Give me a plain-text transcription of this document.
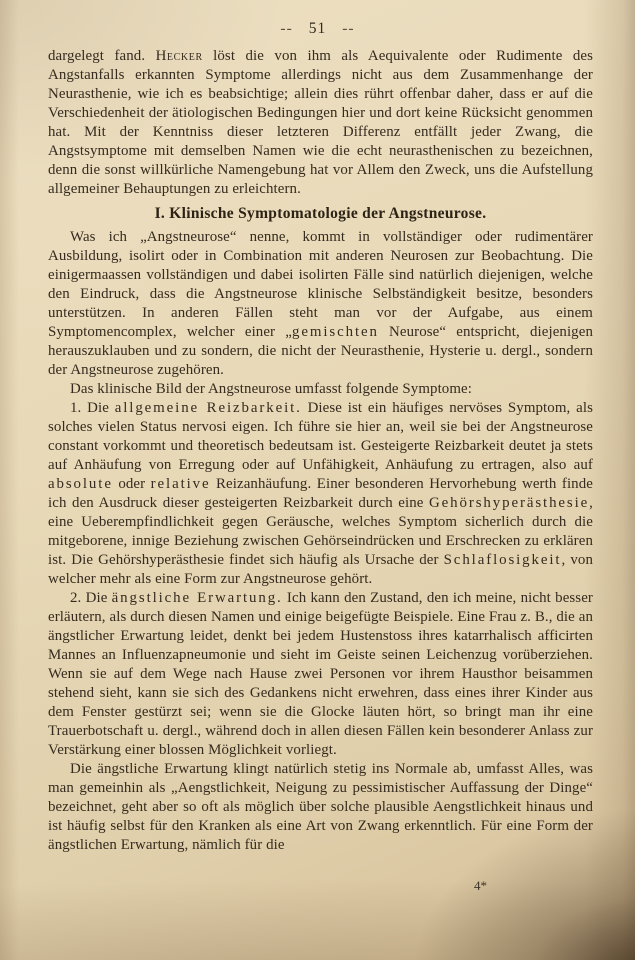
-- 51 --

dargelegt fand. Hecker löst die von ihm als Aequivalente oder Rudimente des Angstanfalls erkannten Symptome allerdings nicht aus dem Zusammenhange der Neurasthenie, wie ich es beabsichtige; allein dies rührt offenbar daher, dass er auf die Verschiedenheit der ätiologischen Bedingungen hier und dort keine Rücksicht genommen hat. Mit der Kenntniss dieser letzteren Differenz entfällt jeder Zwang, die Angstsymptome mit demselben Namen wie die echt neurasthenischen zu bezeichnen, denn die sonst willkürliche Namengebung hat vor Allem den Zweck, uns die Aufstellung allgemeiner Behauptungen zu erleichtern.

I. Klinische Symptomatologie der Angstneurose.

Was ich „Angstneurose“ nenne, kommt in vollständiger oder rudimentärer Ausbildung, isolirt oder in Combination mit anderen Neurosen zur Beobachtung. Die einigermaassen vollständigen und dabei isolirten Fälle sind natürlich diejenigen, welche den Eindruck, dass die Angstneurose klinische Selbständigkeit besitze, besonders unterstützen. In anderen Fällen steht man vor der Aufgabe, aus einem Symptomencomplex, welcher einer „gemischten Neurose“ entspricht, diejenigen herauszuklauben und zu sondern, die nicht der Neurasthenie, Hysterie u. dergl., sondern der Angstneurose zugehören.

Das klinische Bild der Angstneurose umfasst folgende Symptome:

1. Die allgemeine Reizbarkeit. Diese ist ein häufiges nervöses Symptom, als solches vielen Status nervosi eigen. Ich führe sie hier an, weil sie bei der Angstneurose constant vorkommt und theoretisch bedeutsam ist. Gesteigerte Reizbarkeit deutet ja stets auf Anhäufung von Erregung oder auf Unfähigkeit, Anhäufung zu ertragen, also auf absolute oder relative Reizanhäufung. Einer besonderen Hervorhebung werth finde ich den Ausdruck dieser gesteigerten Reizbarkeit durch eine Gehörshyperästhesie, eine Ueberempfindlichkeit gegen Geräusche, welches Symptom sicherlich durch die mitgeborene, innige Beziehung zwischen Gehörseindrücken und Erschrecken zu erklären ist. Die Gehörshyperästhesie findet sich häufig als Ursache der Schlaflosigkeit, von welcher mehr als eine Form zur Angstneurose gehört.

2. Die ängstliche Erwartung. Ich kann den Zustand, den ich meine, nicht besser erläutern, als durch diesen Namen und einige beigefügte Beispiele. Eine Frau z. B., die an ängstlicher Erwartung leidet, denkt bei jedem Hustenstoss ihres katarrhalisch afficirten Mannes an Influenzapneumonie und sieht im Geiste seinen Leichenzug vorüberziehen. Wenn sie auf dem Wege nach Hause zwei Personen vor ihrem Hausthor beisammen stehend sieht, kann sie sich des Gedankens nicht erwehren, dass eines ihrer Kinder aus dem Fenster gestürzt sei; wenn sie die Glocke läuten hört, so bringt man ihr eine Trauerbotschaft u. dergl., während doch in allen diesen Fällen kein besonderer Anlass zur Verstärkung einer blossen Möglichkeit vorliegt.

Die ängstliche Erwartung klingt natürlich stetig ins Normale ab, umfasst Alles, was man gemeinhin als „Aengstlichkeit, Neigung zu pessimistischer Auffassung der Dinge“ bezeichnet, geht aber so oft als möglich über solche plausible Aengstlichkeit hinaus und ist häufig selbst für den Kranken als eine Art von Zwang erkenntlich. Für eine Form der ängstlichen Erwartung, nämlich für die

4*
